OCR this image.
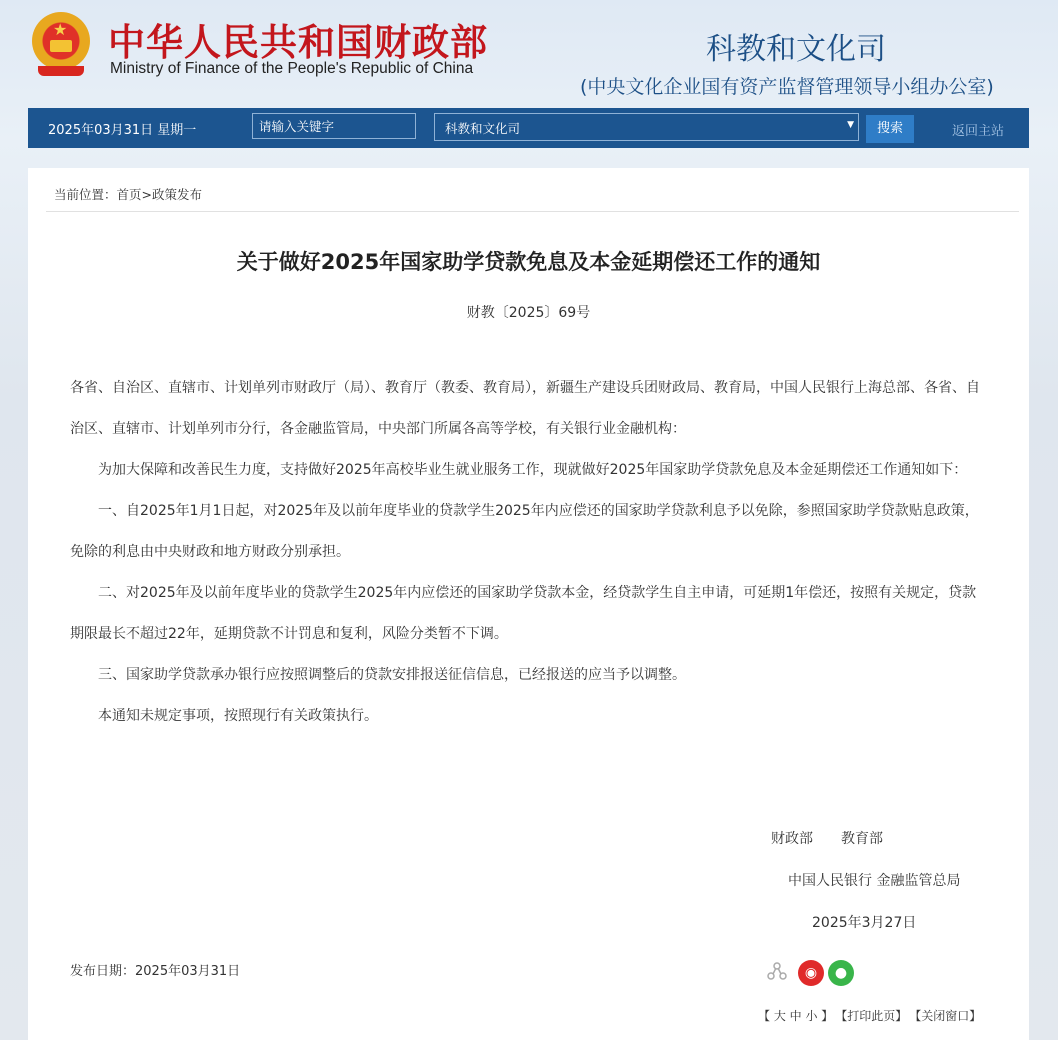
★ 中华人民共和国财政部
Ministry of Finance of the People's Republic of China
科教和文化司
(中央文化企业国有资产监督管理领导小组办公室)
2025年03月31日 星期一
请输入关键字	科教和文化司	▼	搜索	返回主站
当前位置：首页>政策发布
关于做好2025年国家助学贷款免息及本金延期偿还工作的通知
财教〔2025〕69号

各省、自治区、直辖市、计划单列市财政厅（局）、教育厅（教委、教育局），新疆生产建设兵团财政局、教育局，中国人民银行上海总部、各省、自治区、直辖市、计划单列市分行，各金融监管局，中央部门所属各高等学校，有关银行业金融机构：

为加大保障和改善民生力度，支持做好2025年高校毕业生就业服务工作，现就做好2025年国家助学贷款免息及本金延期偿还工作通知如下：

一、自2025年1月1日起，对2025年及以前年度毕业的贷款学生2025年内应偿还的国家助学贷款利息予以免除，参照国家助学贷款贴息政策，免除的利息由中央财政和地方财政分别承担。

二、对2025年及以前年度毕业的贷款学生2025年内应偿还的国家助学贷款本金，经贷款学生自主申请，可延期1年偿还，按照有关规定，贷款期限最长不超过22年，延期贷款不计罚息和复利，风险分类暂不下调。

三、国家助学贷款承办银行应按照调整后的贷款安排报送征信信息，已经报送的应当予以调整。

本通知未规定事项，按照现行有关政策执行。

财政部　　教育部
中国人民银行 金融监管总局
2025年3月27日
发布日期：2025年03月31日	◉	●
【 大 中 小 】 【打印此页】 【关闭窗口】
